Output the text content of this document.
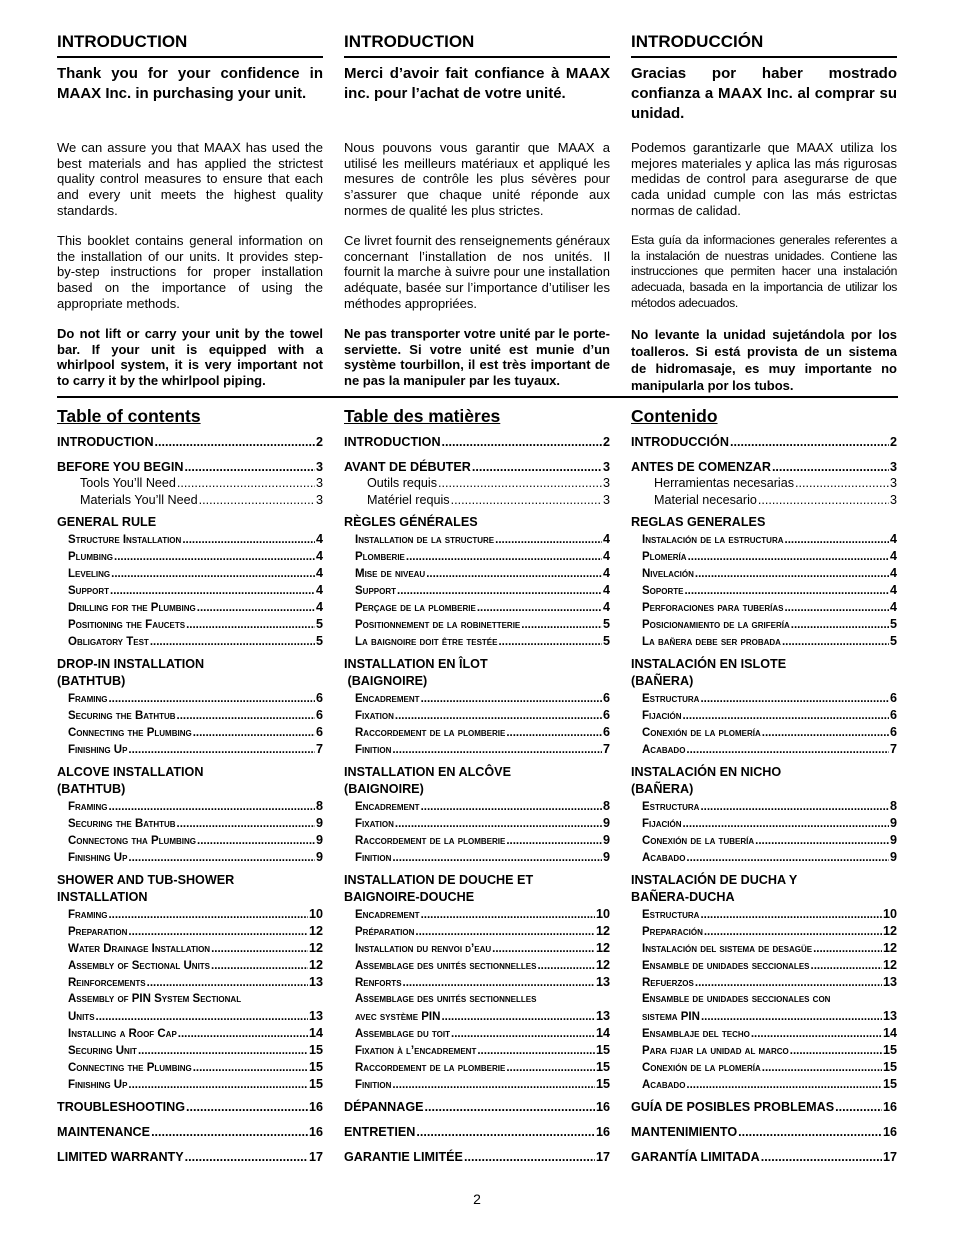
INTRODUCTION

Thank you for your confidence in MAAX Inc. in purchasing your unit.

We can assure you that MAAX has used the best materials and has applied the strictest quality control measures to ensure that each and every unit meets the highest quality standards.

This booklet contains general information on the installation of our units. It provides step-by-step instructions for proper installation based on the importance of using the appropriate methods.

Do not lift or carry your unit by the towel bar. If your unit is equipped with a whirlpool system, it is very important not to carry it by the whirlpool piping.

INTRODUCTION

Merci d’avoir fait confiance à MAAX inc. pour l’achat de votre unité.

Nous pouvons vous garantir que MAAX a utilisé les meilleurs matériaux et appliqué les mesures de contrôle les plus sévères pour s’assurer que chaque unité réponde aux normes de qualité les plus strictes.

Ce livret fournit des renseignements généraux concernant l’installation de nos unités. Il fournit la marche à suivre pour une installation adéquate, basée sur l’importance d’utiliser les méthodes appropriées.

Ne pas transporter votre unité par le porte-serviette. Si votre unité est munie d’un système tourbillon, il est très important de ne pas la manipuler par les tuyaux.

INTRODUCCIÓN

Gracias por haber mostrado confianza a MAAX Inc. al comprar su unidad.

Podemos garantizarle que MAAX utiliza los mejores materiales y aplica las más rigurosas medidas de control para asegurarse de que cada unidad cumple con las más estrictas normas de calidad.

Esta guía da informaciones generales referentes a la instalación de nuestras unidades. Contiene las instrucciones que permiten hacer una instalación adecuada, basada en la importancia de utilizar los métodos adecuados.

No levante la unidad sujetándola por los toalleros. Si está provista de un sistema de hidromasaje, es muy importante no manipularla por los tubos.

Table of contents
INTRODUCTION .....	2
BEFORE YOU BEGIN .....	3
Tools You’ll Need .....	3
Materials You’ll Need .....	3
GENERAL RULE
Structure Installation .....	4
Plumbing .....	4
Leveling .....	4
Support .....	4
Drilling for the Plumbing .....	4
Positioning the Faucets .....	5
Obligatory Test .....	5
DROP-IN INSTALLATION
(BATHTUB)
Framing .....	6
Securing the Bathtub .....	6
Connecting the Plumbing .....	6
Finishing Up .....	7
ALCOVE INSTALLATION
(BATHTUB)
Framing .....	8
Securing the Bathtub .....	9
Connectong tha Plumbing .....	9
Finishing Up .....	9
SHOWER AND TUB-SHOWER
INSTALLATION
Framing .....	10
Preparation .....	12
Water Drainage Installation .....	12
Assembly of Sectional Units .....	12
Reinforcements .....	13
Assembly of PIN System Sectional
Units .....	13
Installing a Roof Cap .....	14
Securing Unit .....	15
Connecting the Plumbing .....	15
Finishing Up .....	15
TROUBLESHOOTING .....	16
MAINTENANCE .....	16
LIMITED WARRANTY .....	17
Table des matières
INTRODUCTION .....	2
AVANT DE DÉBUTER .....	3
Outils requis .....	3
Matériel requis .....	3
RÈGLES GÉNÉRALES
Installation de la structure .....	4
Plomberie .....	4
Mise de niveau .....	4
Support .....	4
Perçage de la plomberie .....	4
Positionnement de la robinetterie .....	5
La baignoire doit être testée .....	5
INSTALLATION EN ÎLOT
(BAIGNOIRE)
Encadrement .....	6
Fixation .....	6
Raccordement de la plomberie .....	6
Finition .....	7
INSTALLATION EN ALCÔVE
(BAIGNOIRE)
Encadrement .....	8
Fixation .....	9
Raccordement de la plomberie .....	9
Finition .....	9
INSTALLATION DE DOUCHE ET
BAIGNOIRE-DOUCHE
Encadrement .....	10
Préparation .....	12
Installation du renvoi d’eau .....	12
Assemblage des unités sectionnelles .....	12
Renforts .....	13
Assemblage des unités sectionnelles
avec système PIN .....	13
Assemblage du toit .....	14
Fixation à l’encadrement .....	15
Raccordement de la plomberie .....	15
Finition .....	15
DÉPANNAGE .....	16
ENTRETIEN .....	16
GARANTIE LIMITÉE .....	17
Contenido
INTRODUCCIÓN .....	2
ANTES DE COMENZAR .....	3
Herramientas necesarias .....	3
Material necesario .....	3
REGLAS GENERALES
Instalación de la estructura .....	4
Plomería .....	4
Nivelación .....	4
Soporte .....	4
Perforaciones para tuberías .....	4
Posicionamiento de la grifería .....	5
La bañera debe ser probada .....	5
INSTALACIÓN EN ISLOTE
(BAÑERA)
Estructura .....	6
Fijación .....	6
Conexión de la plomería .....	6
Acabado .....	7
INSTALACIÓN EN NICHO
(BAÑERA)
Estructura .....	8
Fijación .....	9
Conexión de la tubería .....	9
Acabado .....	9
INSTALACIÓN DE DUCHA Y
BAÑERA-DUCHA
Estructura .....	10
Preparación .....	12
Instalación del sistema de desagüe .....	12
Ensamble de unidades seccionales .....	12
Refuerzos .....	13
Ensamble de unidades seccionales con
sistema PIN .....	13
Ensamblaje del techo .....	14
Para fijar la unidad al marco .....	15
Conexión de la plomería .....	15
Acabado .....	15
GUÍA DE POSIBLES PROBLEMAS .....	16
MANTENIMIENTO .....	16
GARANTÍA LIMITADA .....	17
2
